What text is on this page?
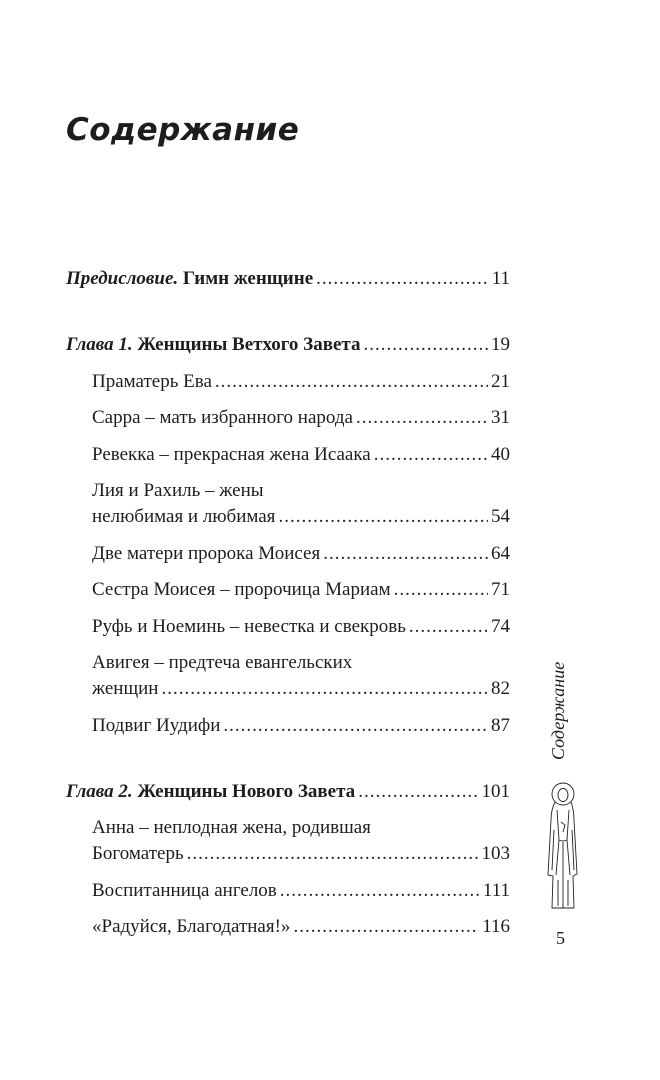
Содержание
Предисловие. Гимн женщине .....	11
Глава 1. Женщины Ветхого Завета .....	19
Праматерь Ева .....	21
Сарра – мать избранного народа .....	31
Ревекка – прекрасная жена Исаака .....	40
Лия и Рахиль – жены
нелюбимая и любимая .....	54
Две матери пророка Моисея .....	64
Сестра Моисея – пророчица Мариам .....	71
Руфь и Ноеминь – невестка и свекровь .....	74
Авигея – предтеча евангельских
женщин .....	82
Подвиг Иудифи .....	87
Глава 2. Женщины Нового Завета .....	101
Анна – неплодная жена, родившая
Богоматерь .....	103
Воспитанница ангелов .....	111
«Радуйся, Благодатная!» .....	116
Содержание
5
